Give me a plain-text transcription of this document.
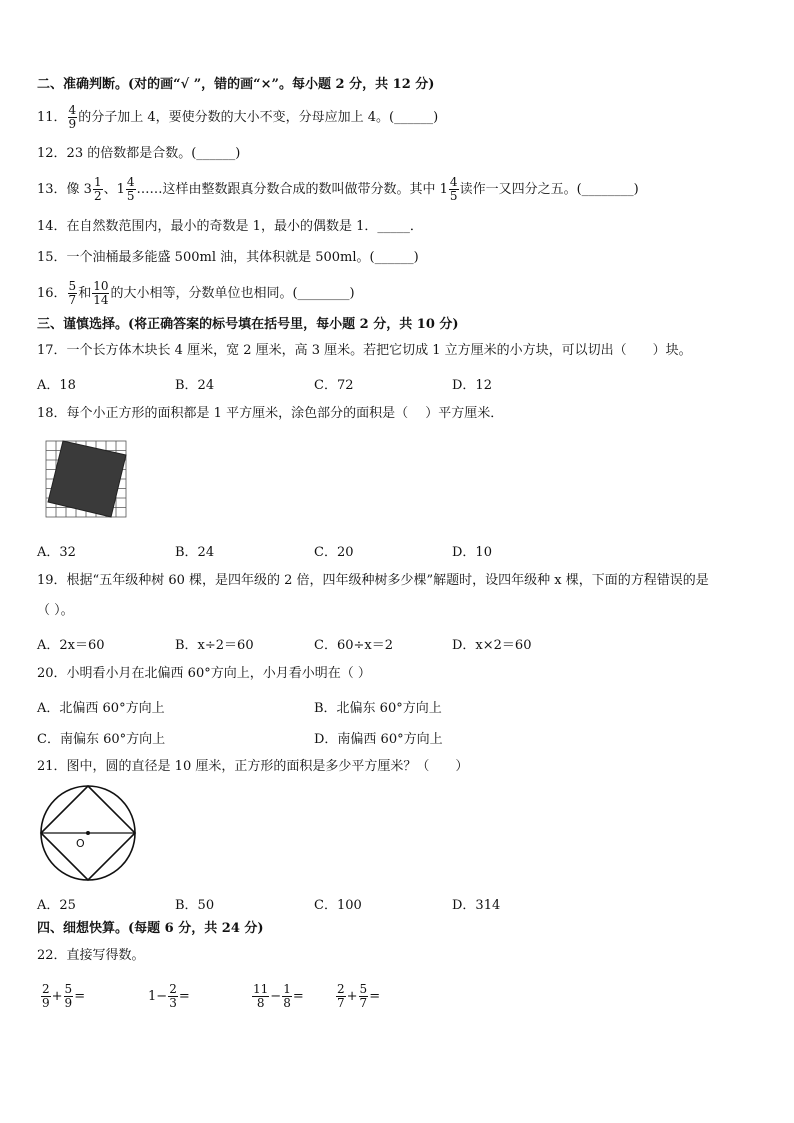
二、准确判断。(对的画“√ ”，错的画“×”。每小题 2 分，共 12 分)
11． $\frac{4}{9}$ 的分子加上 4，要使分数的大小不变，分母应加上 4。(______)
12．23 的倍数都是合数。(______)
13．像 $3 \frac{1}{2}$ 、$1 \frac{4}{5}$ ……这样由整数跟真分数合成的数叫做带分数。其中 $1 \frac{4}{5}$ 读作一又四分之五。(________)
14．在自然数范围内，最小的奇数是 1，最小的偶数是 1．_____．
15．一个油桶最多能盛 500ml 油，其体积就是 500ml。(______)
16． $\frac{5}{7}$ 和 $\frac{10}{14}$ 的大小相等，分数单位也相同。(________)
三、谨慎选择。(将正确答案的标号填在括号里，每小题 2 分，共 10 分)
17．一个长方体木块长 4 厘米，宽 2 厘米，高 3 厘米。若把它切成 1 立方厘米的小方块，可以切出（　　）块。
A．18	B．24	C．72	D．12
18．每个小正方形的面积都是 1 平方厘米，涂色部分的面积是（　 ）平方厘米．
A．32	B．24	C．20	D．10
19．根据“五年级种树 60 棵，是四年级的 2 倍，四年级种树多少棵”解题时，设四年级种 x 棵，下面的方程错误的是
（ ）。
A．2x＝60	B．x÷2＝60	C．60÷x＝2	D．x×2＝60
20．小明看小月在北偏西 60°方向上，小月看小明在（ ）
A．北偏西 60°方向上	B．北偏东 60°方向上
C．南偏东 60°方向上	D．南偏西 60°方向上
21．图中，圆的直径是 10 厘米，正方形的面积是多少平方厘米？（　　）
O
A．25	B．50	C．100	D．314
四、细想快算。(每题 6 分，共 24 分)
22．直接写得数。
$\frac{2}{9} + \frac{5}{9}$ =	$1 - \frac{2}{3}$ =	$\frac{11}{8} - \frac{1}{8}$ =	$\frac{2}{7} + \frac{5}{7}$ =
